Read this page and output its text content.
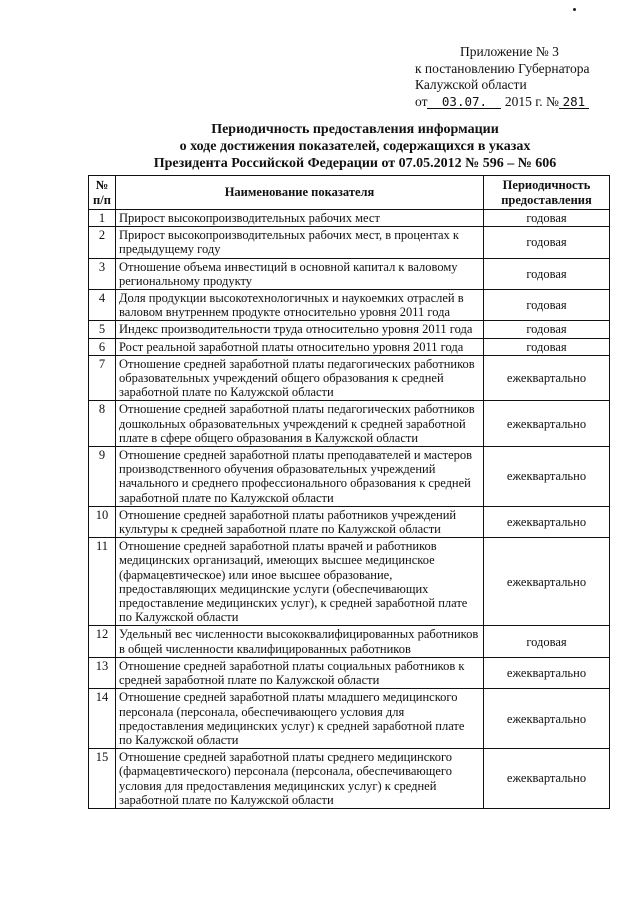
Приложение № 3
к постановлению Губернатора
Калужской области
от 03.07. 2015 г. № 281
Периодичность предоставления информации
о ходе достижения показателей, содержащихся в указах
Президента Российской Федерации от 07.05.2012 № 596 – № 606
№ п/п	Наименование показателя	Периодичность предоставления
1	Прирост высокопроизводительных рабочих мест	годовая
2	Прирост высокопроизводительных рабочих мест, в процентах к предыдущему году	годовая
3	Отношение объема инвестиций в основной капитал к валовому региональному продукту	годовая
4	Доля продукции высокотехнологичных и наукоемких отраслей в валовом внутреннем продукте относительно уровня 2011 года	годовая
5	Индекс производительности труда относительно уровня 2011 года	годовая
6	Рост реальной заработной платы относительно уровня 2011 года	годовая
7	Отношение средней заработной платы педагогических работников образовательных учреждений общего образования к средней заработной плате по Калужской области	ежеквартально
8	Отношение средней заработной платы педагогических работников дошкольных образовательных учреждений к средней заработной плате в сфере общего образования в Калужской области	ежеквартально
9	Отношение средней заработной платы преподавателей и мастеров производственного обучения образовательных учреждений начального и среднего профессионального образования к средней заработной плате по Калужской области	ежеквартально
10	Отношение средней заработной платы работников учреждений культуры к средней заработной плате по Калужской области	ежеквартально
11	Отношение средней заработной платы врачей и работников медицинских организаций, имеющих высшее медицинское (фармацевтическое) или иное высшее образование, предоставляющих медицинские услуги (обеспечивающих предоставление медицинских услуг), к средней заработной плате по Калужской области	ежеквартально
12	Удельный вес численности высококвалифицированных работников в общей численности квалифицированных работников	годовая
13	Отношение средней заработной платы социальных работников к средней заработной плате по Калужской области	ежеквартально
14	Отношение средней заработной платы младшего медицинского персонала (персонала, обеспечивающего условия для предоставления медицинских услуг) к средней заработной плате по Калужской области	ежеквартально
15	Отношение средней заработной платы среднего медицинского (фармацевтического) персонала (персонала, обеспечивающего условия для предоставления медицинских услуг) к средней заработной плате по Калужской области	ежеквартально
